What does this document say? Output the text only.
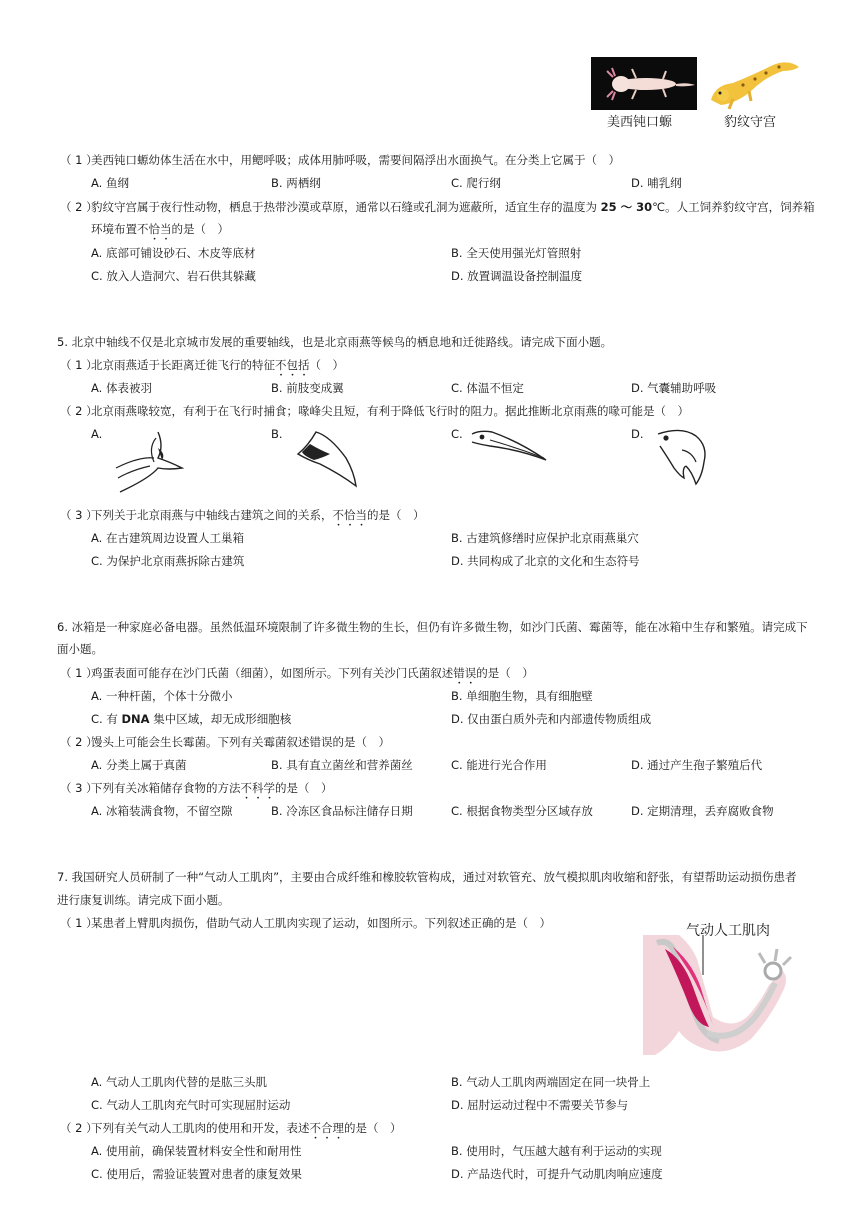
美西钝口螈	豹纹守宫
（ 1 ）
美西钝口螈幼体生活在水中，用鳃呼吸；成体用肺呼吸，需要间隔浮出水面换气。在分类上它属于（　）
A. 鱼纲	B. 两栖纲	C. 爬行纲	D. 哺乳纲
（ 2 ）
豹纹守宫属于夜行性动物，栖息于热带沙漠或草原，通常以石缝或孔洞为遮蔽所，适宜生存的温度为 25 ～ 30℃。人工饲养豹纹守宫，饲养箱
环境布置不恰当的是（　）
A. 底部可铺设砂石、木皮等底材	B. 全天使用强光灯管照射
C. 放入人造洞穴、岩石供其躲藏	D. 放置调温设备控制温度
5. 北京中轴线不仅是北京城市发展的重要轴线，也是北京雨燕等候鸟的栖息地和迁徙路线。请完成下面小题。
（ 1 ）
北京雨燕适于长距离迁徙飞行的特征不包括（　）
A. 体表被羽	B. 前肢变成翼	C. 体温不恒定	D. 气囊辅助呼吸
（ 2 ）
北京雨燕喙较宽，有利于在飞行时捕食；喙峰尖且短，有利于降低飞行时的阻力。据此推断北京雨燕的喙可能是（　）
A.	B.	C.	D.
（ 3 ）
下列关于北京雨燕与中轴线古建筑之间的关系，不恰当的是（　）
A. 在古建筑周边设置人工巢箱	B. 古建筑修缮时应保护北京雨燕巢穴
C. 为保护北京雨燕拆除古建筑	D. 共同构成了北京的文化和生态符号
6. 冰箱是一种家庭必备电器。虽然低温环境限制了许多微生物的生长，但仍有许多微生物，如沙门氏菌、霉菌等，能在冰箱中生存和繁殖。请完成下
面小题。
（ 1 ）
鸡蛋表面可能存在沙门氏菌（细菌），如图所示。下列有关沙门氏菌叙述错误的是（　）
A. 一种杆菌，个体十分微小	B. 单细胞生物，具有细胞壁
C. 有 DNA 集中区域，却无成形细胞核	D. 仅由蛋白质外壳和内部遗传物质组成
（ 2 ）
馒头上可能会生长霉菌。下列有关霉菌叙述错误的是（　）
A. 分类上属于真菌	B. 具有直立菌丝和营养菌丝	C. 能进行光合作用	D. 通过产生孢子繁殖后代
（ 3 ）
下列有关冰箱储存食物的方法不科学的是（　）
A. 冰箱装满食物，不留空隙	B. 冷冻区食品标注储存日期	C. 根据食物类型分区域存放	D. 定期清理，丢弃腐败食物
7. 我国研究人员研制了一种“气动人工肌肉”，主要由合成纤维和橡胶软管构成，通过对软管充、放气模拟肌肉收缩和舒张，有望帮助运动损伤患者
进行康复训练。请完成下面小题。
（ 1 ）
某患者上臂肌肉损伤，借助气动人工肌肉实现了运动，如图所示。下列叙述正确的是（　）	气动人工肌肉
A. 气动人工肌肉代替的是肱三头肌	B. 气动人工肌肉两端固定在同一块骨上
C. 气动人工肌肉充气时可实现屈肘运动	D. 屈肘运动过程中不需要关节参与
（ 2 ）
下列有关气动人工肌肉的使用和开发，表述不合理的是（　）
A. 使用前，确保装置材料安全性和耐用性	B. 使用时，气压越大越有利于运动的实现
C. 使用后，需验证装置对患者的康复效果	D. 产品迭代时，可提升气动肌肉响应速度
